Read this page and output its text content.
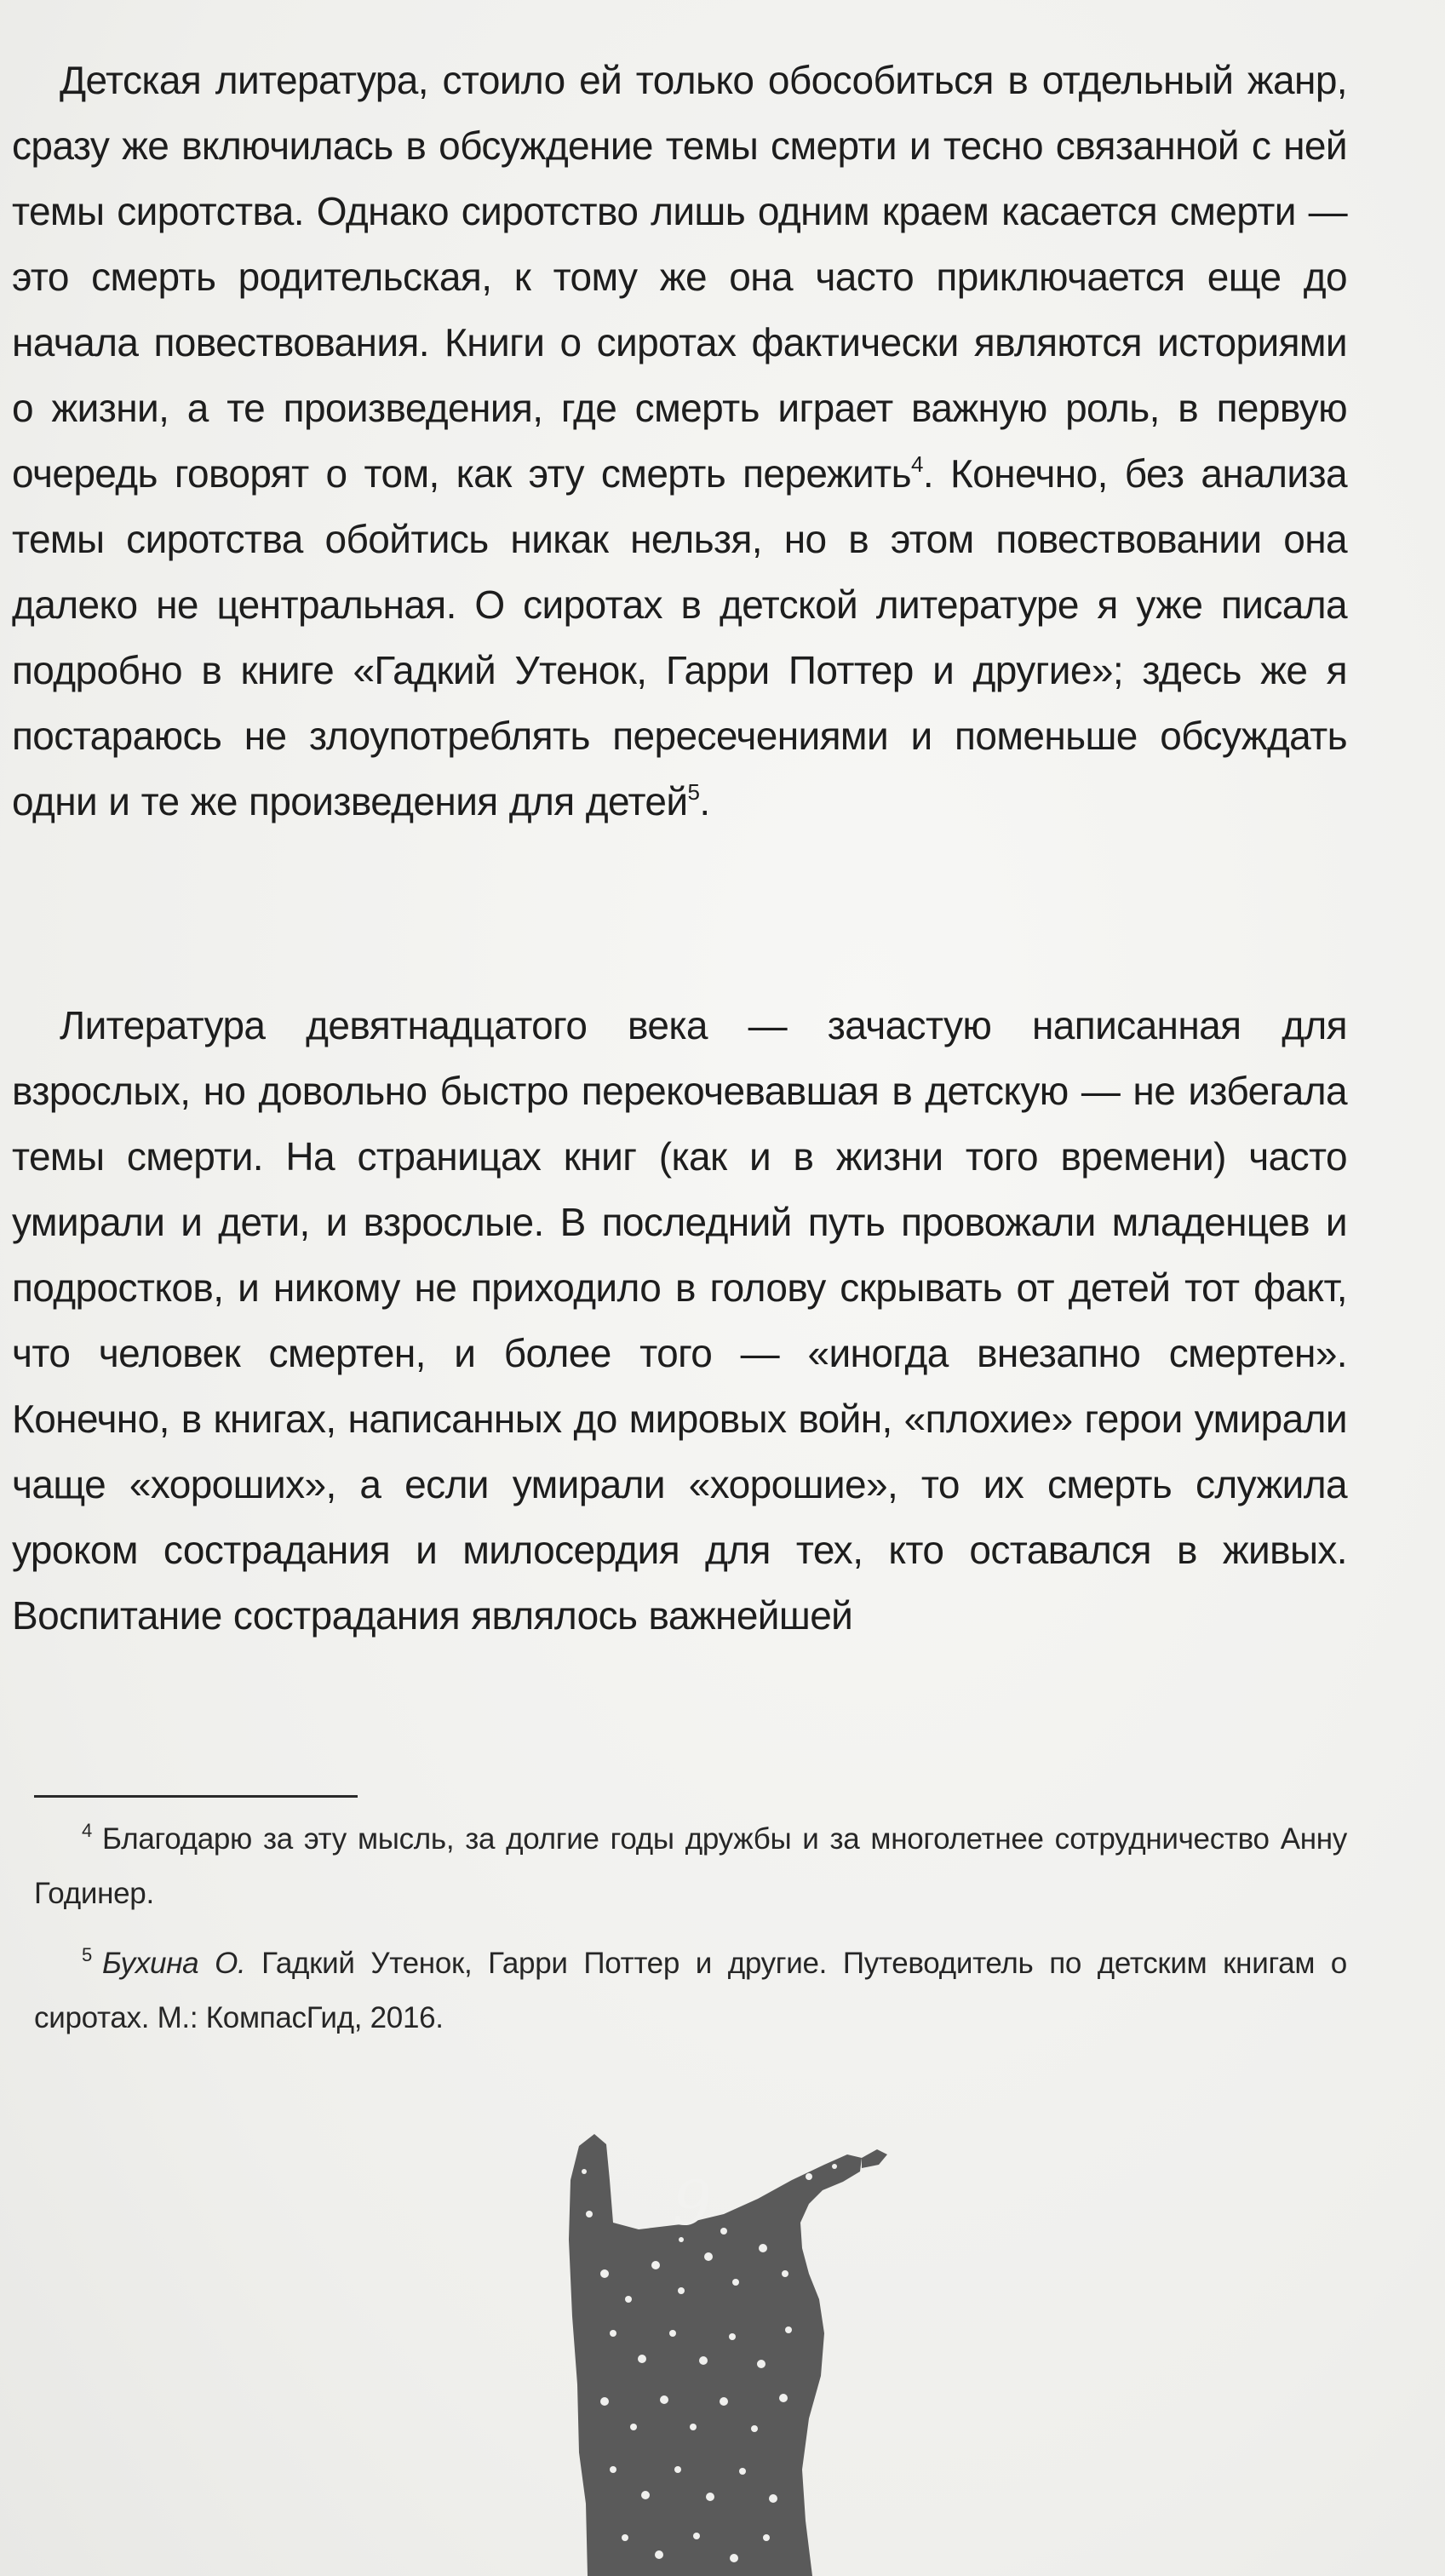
Детская литература, стоило ей только обособиться в отдельный жанр, сразу же включилась в обсуждение темы смерти и тесно связанной с ней темы сиротства. Однако сиротство лишь одним краем касается смерти — это смерть родительская, к тому же она часто приключается еще до начала повествования. Книги о сиротах фактически являются историями о жизни, а те произведения, где смерть играет важную роль, в первую очередь говорят о том, как эту смерть пережить$^4$. Конечно, без анализа темы сиротства обойтись никак нельзя, но в этом повествовании она далеко не центральная. О сиротах в детской литературе я уже писала подробно в книге «Гадкий Утенок, Гарри Поттер и другие»; здесь же я постараюсь не злоупотреблять пересечениями и поменьше обсуждать одни и те же произведения для детей$^5$.
Литература девятнадцатого века — зачастую написанная для взрослых, но довольно быстро перекочевавшая в детскую — не избегала темы смерти. На страницах книг (как и в жизни того времени) часто умирали и дети, и взрослые. В последний путь провожали младенцев и подростков, и никому не приходило в голову скрывать от детей тот факт, что человек смертен, и более того — «иногда внезапно смертен». Конечно, в книгах, написанных до мировых войн, «плохие» герои умирали чаще «хороших», а если умирали «хорошие», то их смерть служила уроком сострадания и милосердия для тех, кто оставался в живых. Воспитание сострадания являлось важнейшей

$^4$ Благодарю за эту мысль, за долгие годы дружбы и за многолетнее сотрудничество Анну Годинер.

$^5$ Бухина О. Гадкий Утенок, Гарри Поттер и другие. Путеводитель по детским книгам о сиротах. М.: КомпасГид, 2016.

9
